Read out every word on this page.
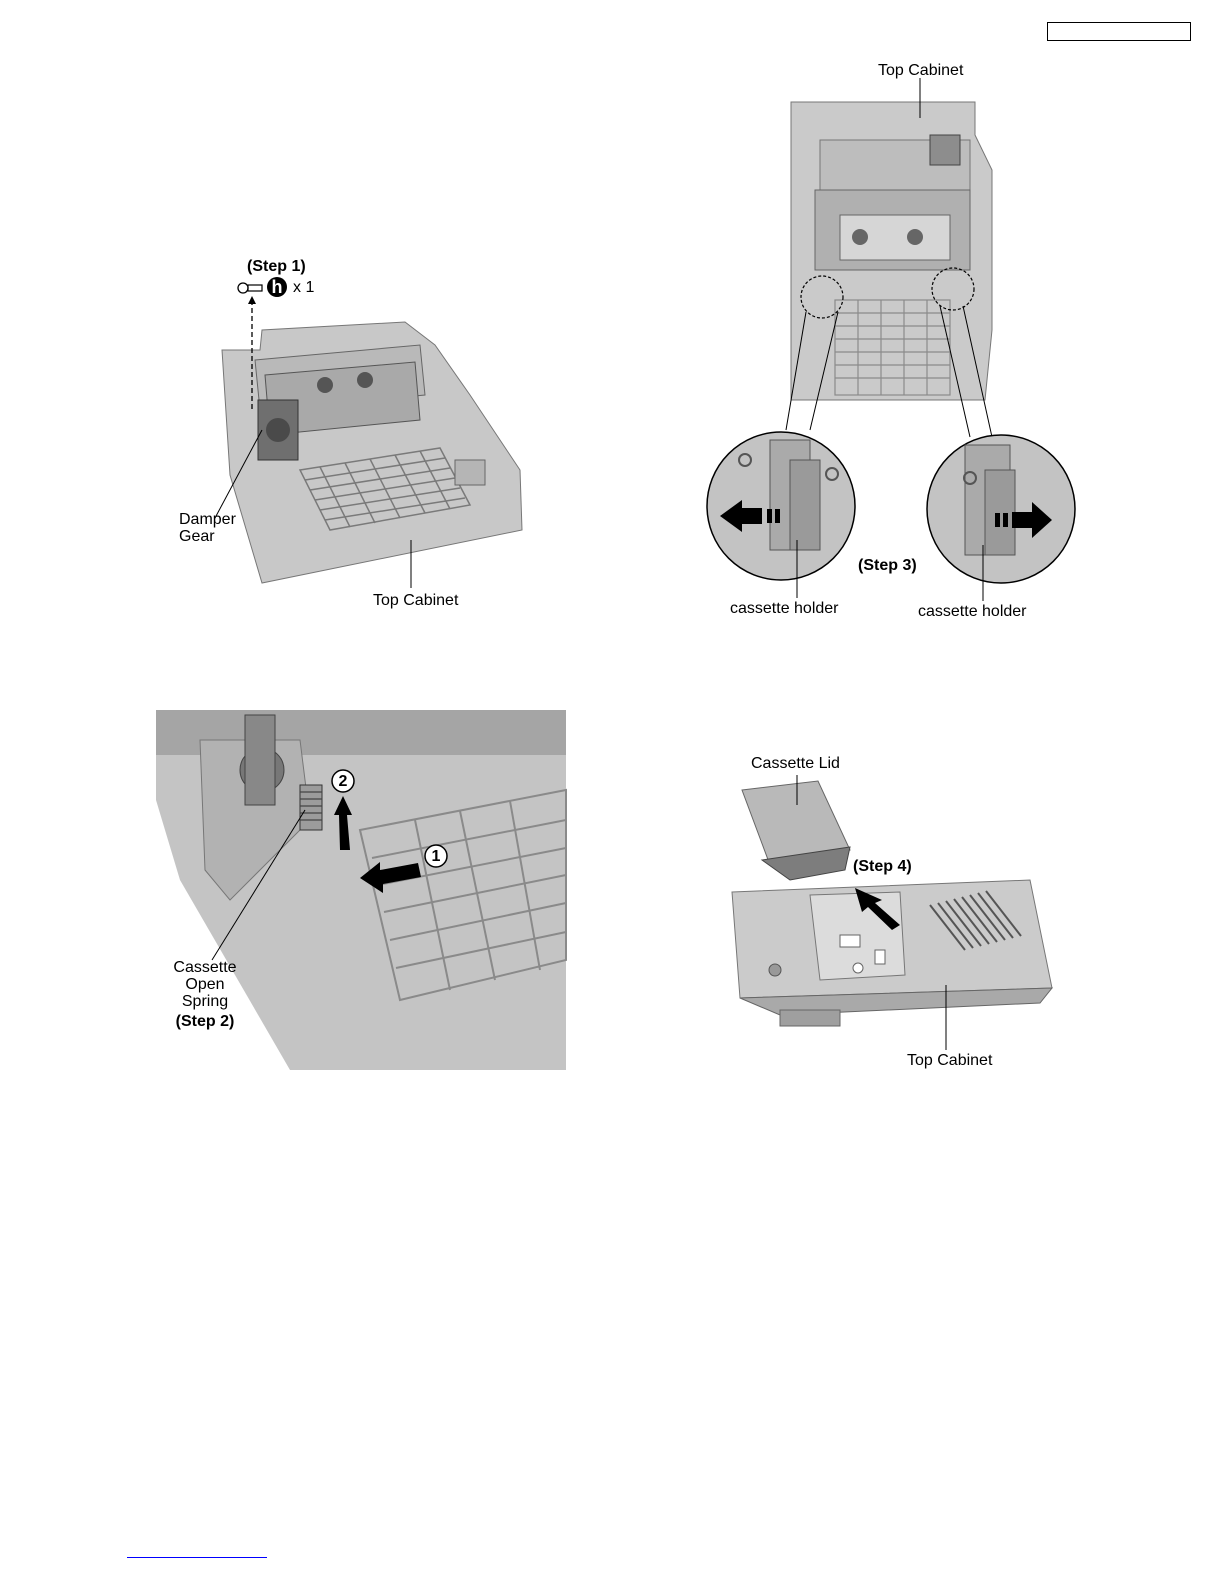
(Step 1)
h x 1
Damper
Gear
Top Cabinet
Top Cabinet
(Step 3)
cassette holder	cassette holder
2
1
Cassette
Open
Spring
(Step 2)
Cassette Lid
(Step 4)
Top Cabinet
